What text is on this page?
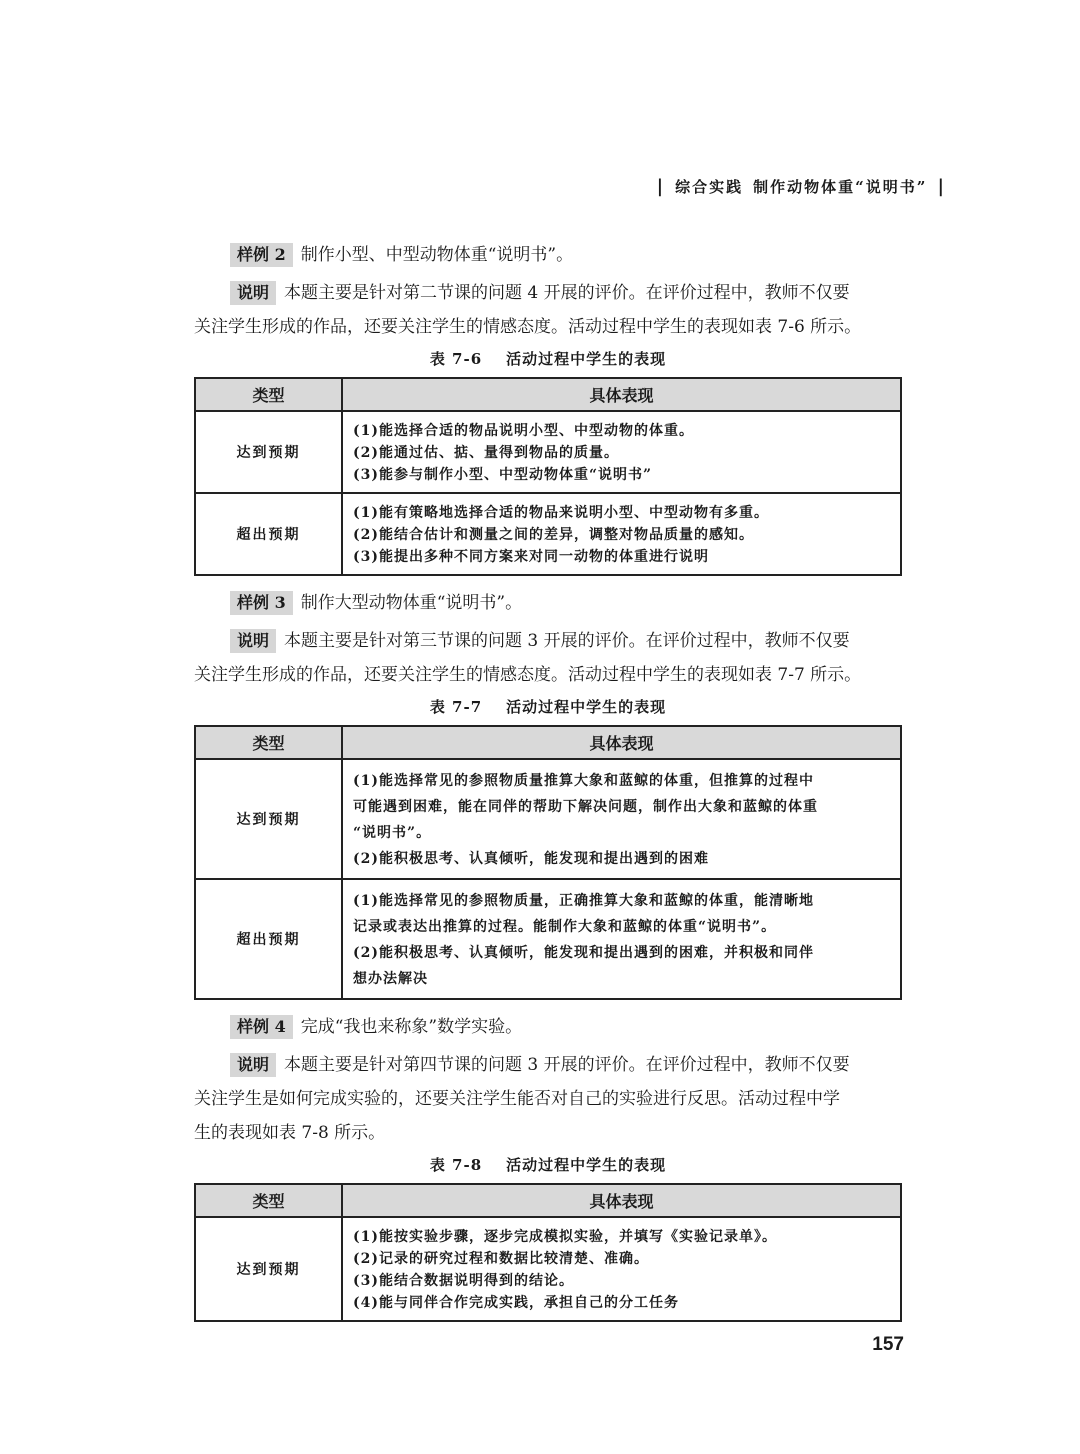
| 综合实践 制作动物体重“说明书” |

样例 2 制作小型、中型动物体重“说明书”。

说明 本题主要是针对第二节课的问题 4 开展的评价。在评价过程中，教师不仅要

关注学生形成的作品，还要关注学生的情感态度。活动过程中学生的表现如表 7-6 所示。

表 7-6 活动过程中学生的表现
类型	具体表现
达到预期	(1)能选择合适的物品说明小型、中型动物的体重。
(2)能通过估、掂、量得到物品的质量。
(3)能参与制作小型、中型动物体重“说明书”

超出预期	(1)能有策略地选择合适的物品来说明小型、中型动物有多重。
(2)能结合估计和测量之间的差异，调整对物品质量的感知。
(3)能提出多种不同方案来对同一动物的体重进行说明

样例 3 制作大型动物体重“说明书”。

说明 本题主要是针对第三节课的问题 3 开展的评价。在评价过程中，教师不仅要

关注学生形成的作品，还要关注学生的情感态度。活动过程中学生的表现如表 7-7 所示。

表 7-7 活动过程中学生的表现
类型	具体表现
达到预期	(1)能选择常见的参照物质量推算大象和蓝鲸的体重，但推算的过程中
可能遇到困难，能在同伴的帮助下解决问题，制作出大象和蓝鲸的体重
“说明书”。
(2)能积极思考、认真倾听，能发现和提出遇到的困难

超出预期	(1)能选择常见的参照物质量，正确推算大象和蓝鲸的体重，能清晰地
记录或表达出推算的过程。能制作大象和蓝鲸的体重“说明书”。
(2)能积极思考、认真倾听，能发现和提出遇到的困难，并积极和同伴
想办法解决

样例 4 完成“我也来称象”数学实验。

说明 本题主要是针对第四节课的问题 3 开展的评价。在评价过程中，教师不仅要

关注学生是如何完成实验的，还要关注学生能否对自己的实验进行反思。活动过程中学

生的表现如表 7-8 所示。

表 7-8 活动过程中学生的表现
类型	具体表现
达到预期	(1)能按实验步骤，逐步完成模拟实验，并填写《实验记录单》。
(2)记录的研究过程和数据比较清楚、准确。
(3)能结合数据说明得到的结论。
(4)能与同伴合作完成实践，承担自己的分工任务
157
